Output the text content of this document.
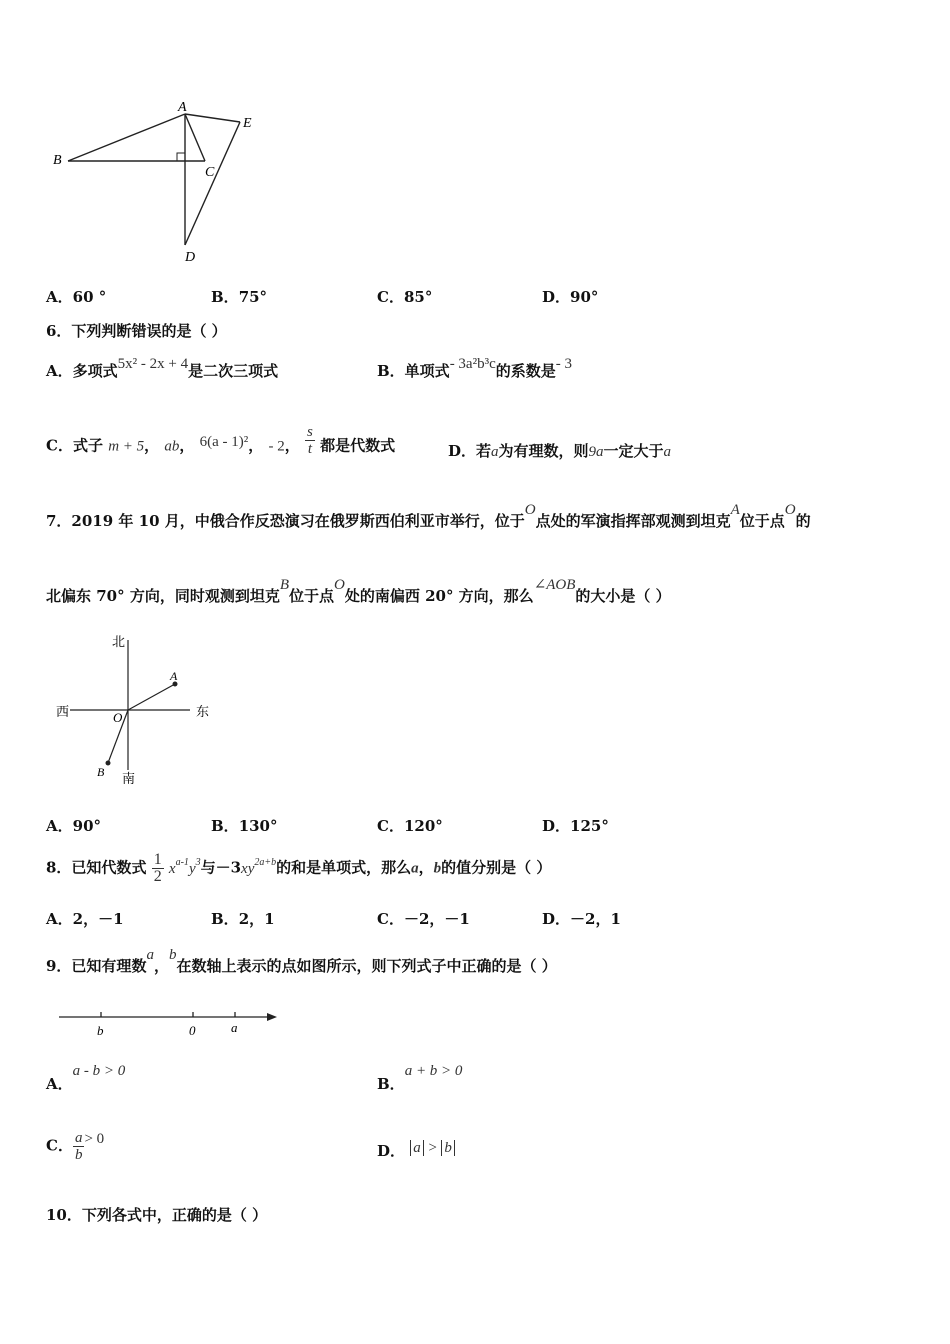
A
B
C
D
E
A．60 °	B．75°	C．85°	D．90°
6．下列判断错误的是（ ）
A．多项式5x² - 2x + 4是二次三项式	B．单项式- 3a²b³c的系数是- 3
C．式子 m + 5， ab， 6(a - 1)²， - 2， $\frac{s}{t}$ 都是代数式	D．若a为有理数，则9a一定大于a
7．2019 年 10 月，中俄合作反恐演习在俄罗斯西伯利亚市举行，位于O点处的军演指挥部观测到坦克A位于点O的
北偏东 70° 方向，同时观测到坦克B位于点O处的南偏西 20° 方向，那么∠AOB的大小是（ ）
北
南
西	东
O
A
B
A．90°	B．130°	C．120°	D．125°
8．已知代数式 $\frac{1}{2} x^{a-1}y^3$与$-3xy^{2a+b}$的和是单项式，那么a，b的值分别是（ ）
A．2，－1	B．2，1	C．－2，－1	D．－2，1
9．已知有理数a，b在数轴上表示的点如图所示，则下列式子中正确的是（ ）
b	0	a
A．a - b > 0
B．a + b > 0
C． $\frac{a}{b} > 0$
D． a > b
10．下列各式中，正确的是（ ）
